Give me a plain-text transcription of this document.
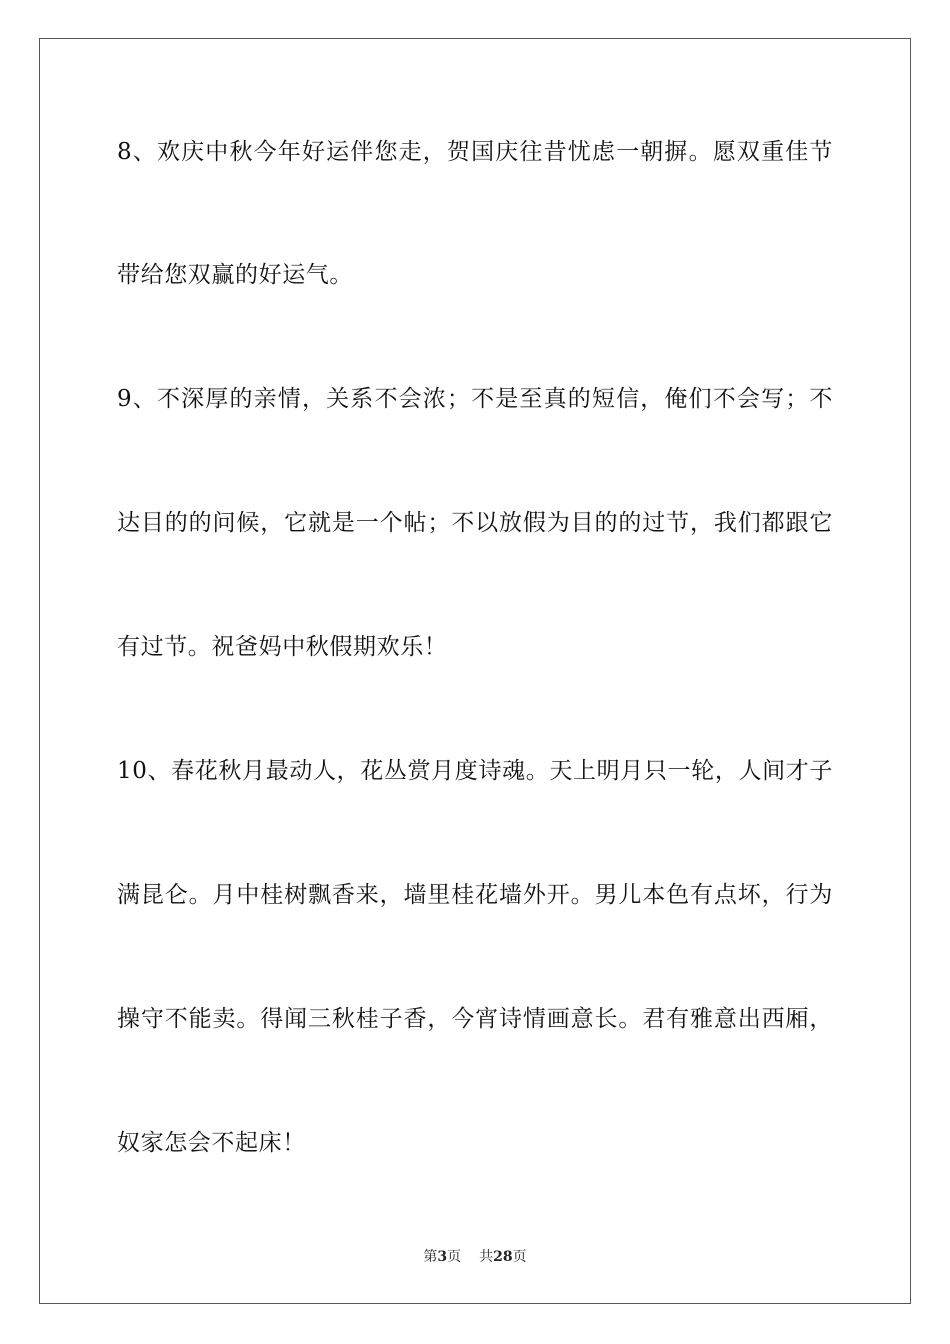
8、欢庆中秋今年好运伴您走，贺国庆往昔忧虑一朝摒。愿双重佳节
带给您双赢的好运气。
9、不深厚的亲情，关系不会浓；不是至真的短信，俺们不会写；不
达目的的问候，它就是一个帖；不以放假为目的的过节，我们都跟它
有过节。祝爸妈中秋假期欢乐！
10、春花秋月最动人，花丛赏月度诗魂。天上明月只一轮，人间才子
满昆仑。月中桂树飘香来，墙里桂花墙外开。男儿本色有点坏，行为
操守不能卖。得闻三秋桂子香，今宵诗情画意长。君有雅意出西厢，
奴家怎会不起床！
第3页 共28页
